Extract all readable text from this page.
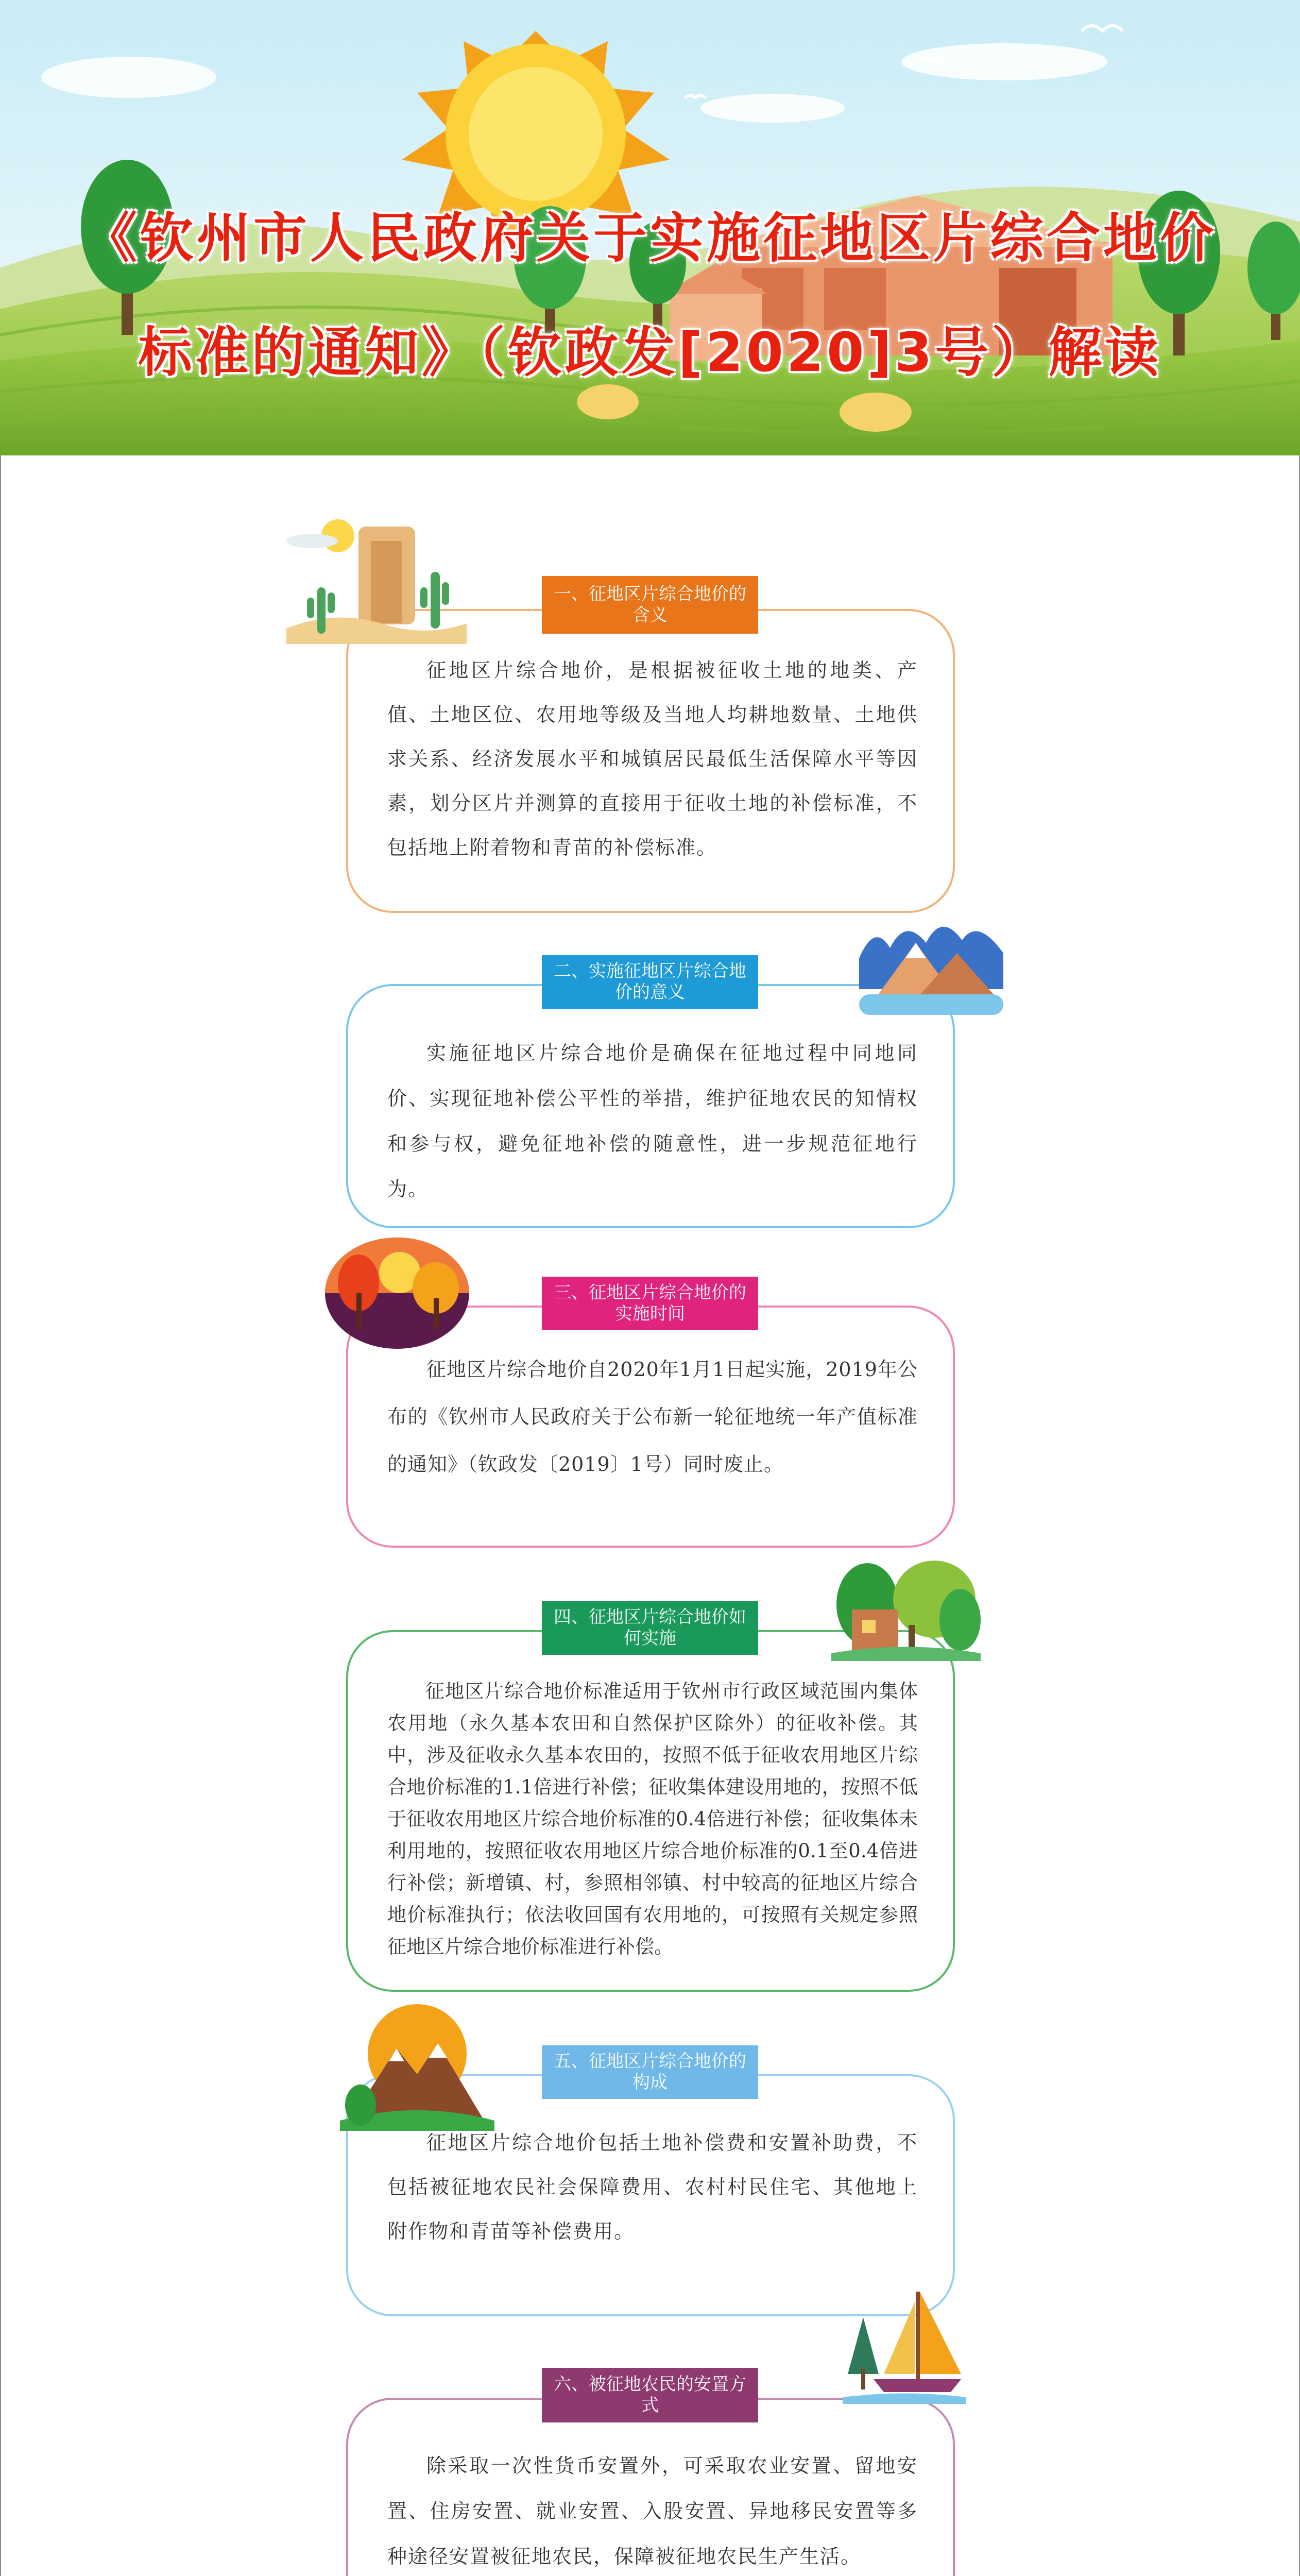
《钦州市人民政府关于实施征地区片综合地价
标准的通知》（钦政发[2020]3号）解读
一、征地区片综合地价的含义

征地区片综合地价，是根据被征收土地的地类、产值、土地区位、农用地等级及当地人均耕地数量、土地供求关系、经济发展水平和城镇居民最低生活保障水平等因素，划分区片并测算的直接用于征收土地的补偿标准，不包括地上附着物和青苗的补偿标准。

二、实施征地区片综合地价的意义

实施征地区片综合地价是确保在征地过程中同地同价、实现征地补偿公平性的举措，维护征地农民的知情权和参与权，避免征地补偿的随意性，进一步规范征地行为。

三、征地区片综合地价的实施时间

征地区片综合地价自2020年1月1日起实施，2019年公布的《钦州市人民政府关于公布新一轮征地统一年产值标准的通知》（钦政发〔2019〕1号）同时废止。

四、征地区片综合地价如何实施

征地区片综合地价标准适用于钦州市行政区域范围内集体农用地（永久基本农田和自然保护区除外）的征收补偿。其中，涉及征收永久基本农田的，按照不低于征收农用地区片综合地价标准的1.1倍进行补偿；征收集体建设用地的，按照不低于征收农用地区片综合地价标准的0.4倍进行补偿；征收集体未利用地的，按照征收农用地区片综合地价标准的0.1至0.4倍进行补偿；新增镇、村，参照相邻镇、村中较高的征地区片综合地价标准执行；依法收回国有农用地的，可按照有关规定参照征地区片综合地价标准进行补偿。

五、征地区片综合地价的构成

征地区片综合地价包括土地补偿费和安置补助费，不包括被征地农民社会保障费用、农村村民住宅、其他地上附作物和青苗等补偿费用。

六、被征地农民的安置方式

除采取一次性货币安置外，可采取农业安置、留地安置、住房安置、就业安置、入股安置、异地移民安置等多种途径安置被征地农民，保障被征地农民生产生活。
